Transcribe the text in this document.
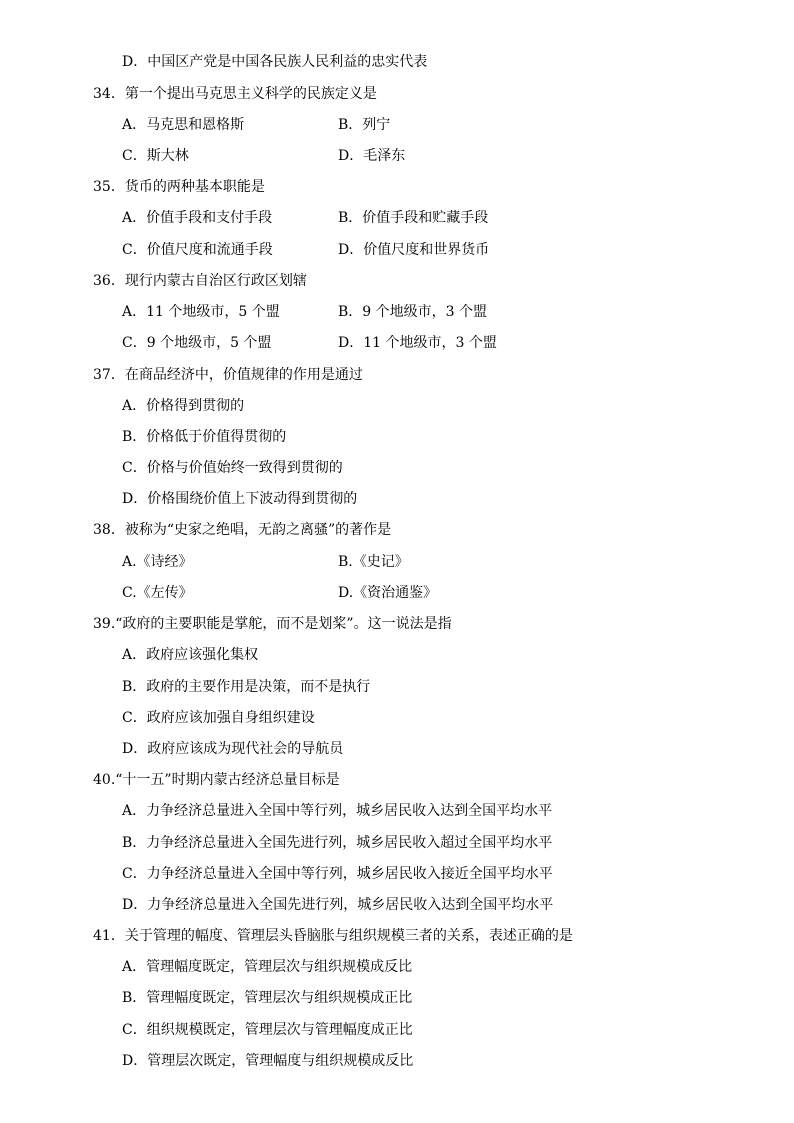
D．中国区产党是中国各民族人民利益的忠实代表
34．第一个提出马克思主义科学的民族定义是
A．马克思和恩格斯	B．列宁
C．斯大林	D．毛泽东
35．货币的两种基本职能是
A．价值手段和支付手段	B．价值手段和贮藏手段
C．价值尺度和流通手段	D．价值尺度和世界货币
36．现行内蒙古自治区行政区划辖
A．11 个地级市，5 个盟	B．9 个地级市，3 个盟
C．9 个地级市，5 个盟	D．11 个地级市，3 个盟
37．在商品经济中，价值规律的作用是通过
A．价格得到贯彻的
B．价格低于价值得贯彻的
C．价格与价值始终一致得到贯彻的
D．价格围绕价值上下波动得到贯彻的
38．被称为“史家之绝唱，无韵之离骚”的著作是
A.《诗经》	B.《史记》
C.《左传》	D.《资治通鉴》
39.“政府的主要职能是掌舵，而不是划桨”。这一说法是指
A．政府应该强化集权
B．政府的主要作用是决策，而不是执行
C．政府应该加强自身组织建设
D．政府应该成为现代社会的导航员
40.“十一五”时期内蒙古经济总量目标是
A．力争经济总量进入全国中等行列，城乡居民收入达到全国平均水平
B．力争经济总量进入全国先进行列，城乡居民收入超过全国平均水平
C．力争经济总量进入全国中等行列，城乡居民收入接近全国平均水平
D．力争经济总量进入全国先进行列，城乡居民收入达到全国平均水平
41．关于管理的幅度、管理层头昏脑胀与组织规模三者的关系，表述正确的是
A．管理幅度既定，管理层次与组织规模成反比
B．管理幅度既定，管理层次与组织规模成正比
C．组织规模既定，管理层次与管理幅度成正比
D．管理层次既定，管理幅度与组织规模成反比
